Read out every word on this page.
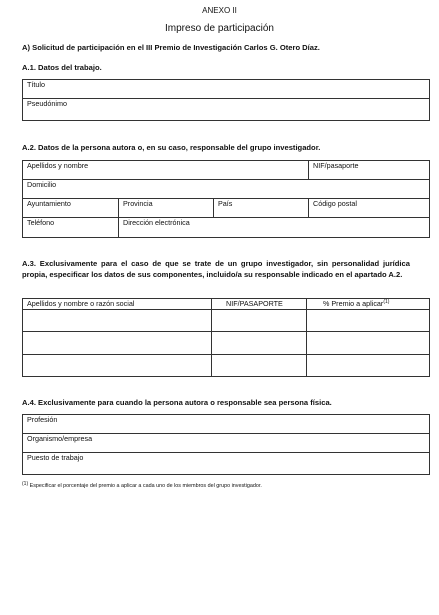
ANEXO II
Impreso de participación
A) Solicitud de participación en el III Premio de Investigación Carlos G. Otero Díaz.
A.1. Datos del trabajo.
Título
Pseudónimo
A.2. Datos de la persona autora o, en su caso, responsable del grupo investigador.
Apellidos y nombre			NIF/pasaporte
Domicilio			
Ayuntamiento	Provincia	País	Código postal
Teléfono	Dirección electrónica		
A.3. Exclusivamente para el caso de que se trate de un grupo investigador, sin personalidad jurídica propia, especificar los datos de sus componentes, incluido/a su responsable indicado en el apartado A.2.
Apellidos y nombre o razón social	NIF/PASAPORTE	% Premio a aplicar$^{(1)}$

A.4. Exclusivamente para cuando la persona autora o responsable sea persona física.
Profesión
Organismo/empresa
Puesto de trabajo
$^{(1)}$ Especificar el porcentaje del premio a aplicar a cada uno de los miembros del grupo investigador.
